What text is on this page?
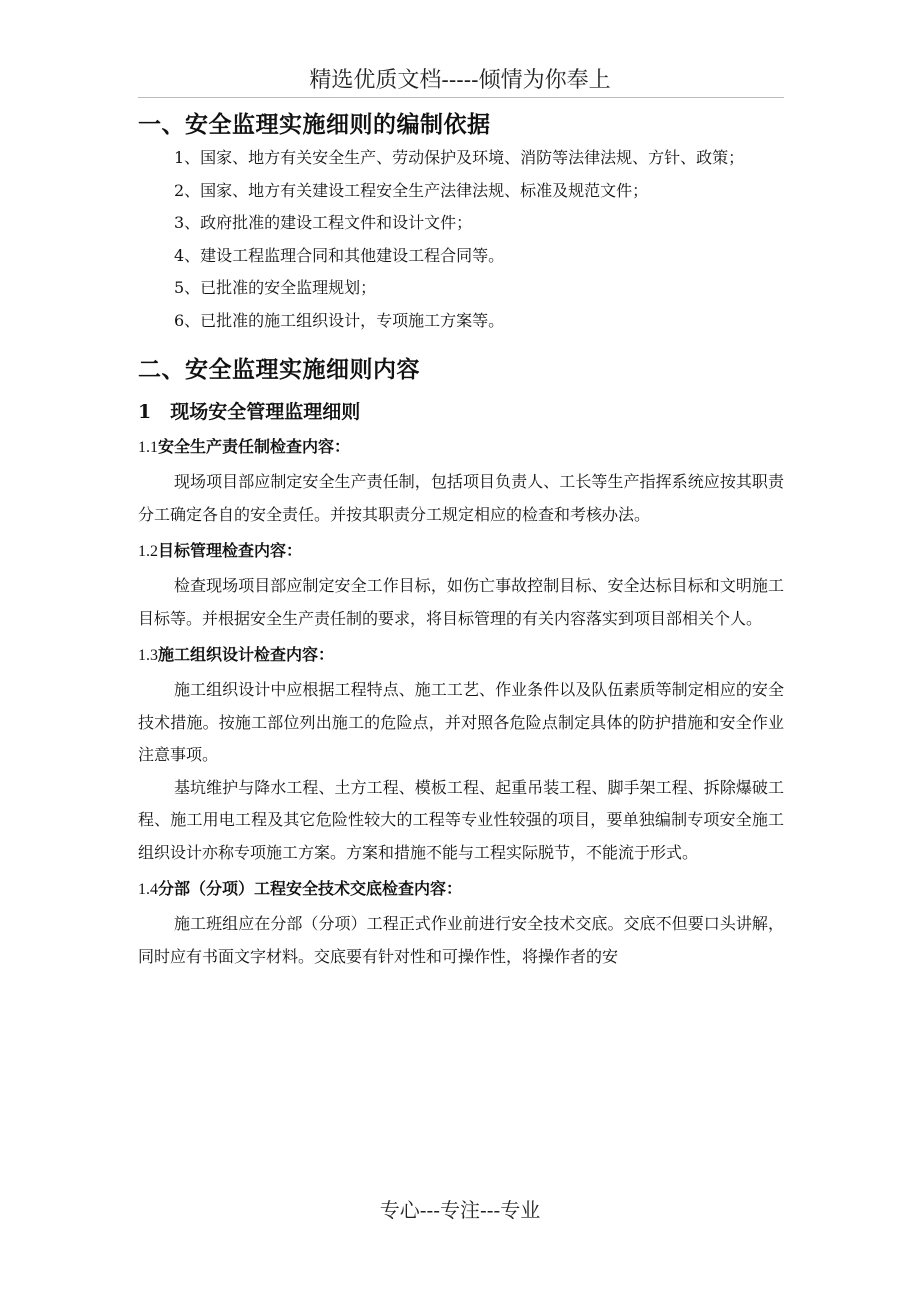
精选优质文档-----倾情为你奉上
一、安全监理实施细则的编制依据

1、国家、地方有关安全生产、劳动保护及环境、消防等法律法规、方针、政策；

2、国家、地方有关建设工程安全生产法律法规、标准及规范文件；

3、政府批准的建设工程文件和设计文件；

4、建设工程监理合同和其他建设工程合同等。

5、已批准的安全监理规划；

6、已批准的施工组织设计，专项施工方案等。

二、安全监理实施细则内容
1　现场安全管理监理细则
1.1安全生产责任制检查内容：

现场项目部应制定安全生产责任制，包括项目负责人、工长等生产指挥系统应按其职责分工确定各自的安全责任。并按其职责分工规定相应的检查和考核办法。

1.2目标管理检查内容：

检查现场项目部应制定安全工作目标，如伤亡事故控制目标、安全达标目标和文明施工目标等。并根据安全生产责任制的要求，将目标管理的有关内容落实到项目部相关个人。

1.3施工组织设计检查内容：

施工组织设计中应根据工程特点、施工工艺、作业条件以及队伍素质等制定相应的安全技术措施。按施工部位列出施工的危险点，并对照各危险点制定具体的防护措施和安全作业注意事项。

基坑维护与降水工程、土方工程、模板工程、起重吊装工程、脚手架工程、拆除爆破工程、施工用电工程及其它危险性较大的工程等专业性较强的项目，要单独编制专项安全施工组织设计亦称专项施工方案。方案和措施不能与工程实际脱节，不能流于形式。

1.4分部（分项）工程安全技术交底检查内容：

施工班组应在分部（分项）工程正式作业前进行安全技术交底。交底不但要口头讲解，同时应有书面文字材料。交底要有针对性和可操作性，将操作者的安

专心---专注---专业
